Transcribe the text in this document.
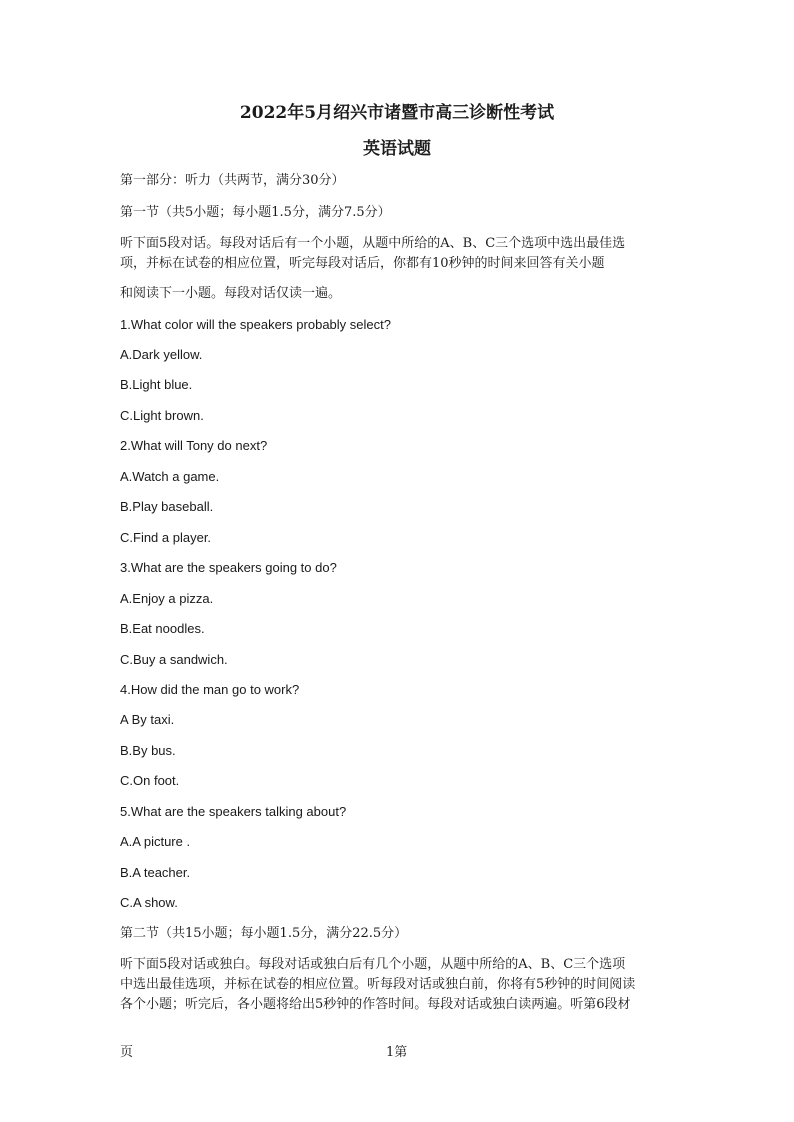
2022年5月绍兴市诸暨市高三诊断性考试
英语试题
第一部分：听力（共两节，满分30分）
第一节（共5小题；每小题1.5分，满分7.5分）
听下面5段对话。每段对话后有一个小题，从题中所给的A、B、C三个选项中选出最佳选
项，并标在试卷的相应位置，听完每段对话后，你都有10秒钟的时间来回答有关小题
和阅读下一小题。每段对话仅读一遍。
1.What color will the speakers probably select?
A.Dark yellow.
B.Light blue.
C.Light brown.
2.What will Tony do next?
A.Watch a game.
B.Play baseball.
C.Find a player.
3.What are the speakers going to do?
A.Enjoy a pizza.
B.Eat noodles.
C.Buy a sandwich.
4.How did the man go to work?
A By taxi.
B.By bus.
C.On foot.
5.What are the speakers talking about?
A.A picture .
B.A teacher.
C.A show.
第二节（共15小题；每小题1.5分，满分22.5分）
听下面5段对话或独白。每段对话或独白后有几个小题，从题中所给的A、B、C三个选项
中选出最佳选项，并标在试卷的相应位置。听每段对话或独白前，你将有5秒钟的时间阅读
各个小题；听完后，各小题将给出5秒钟的作答时间。每段对话或独白读两遍。听第6段材
页	1第
